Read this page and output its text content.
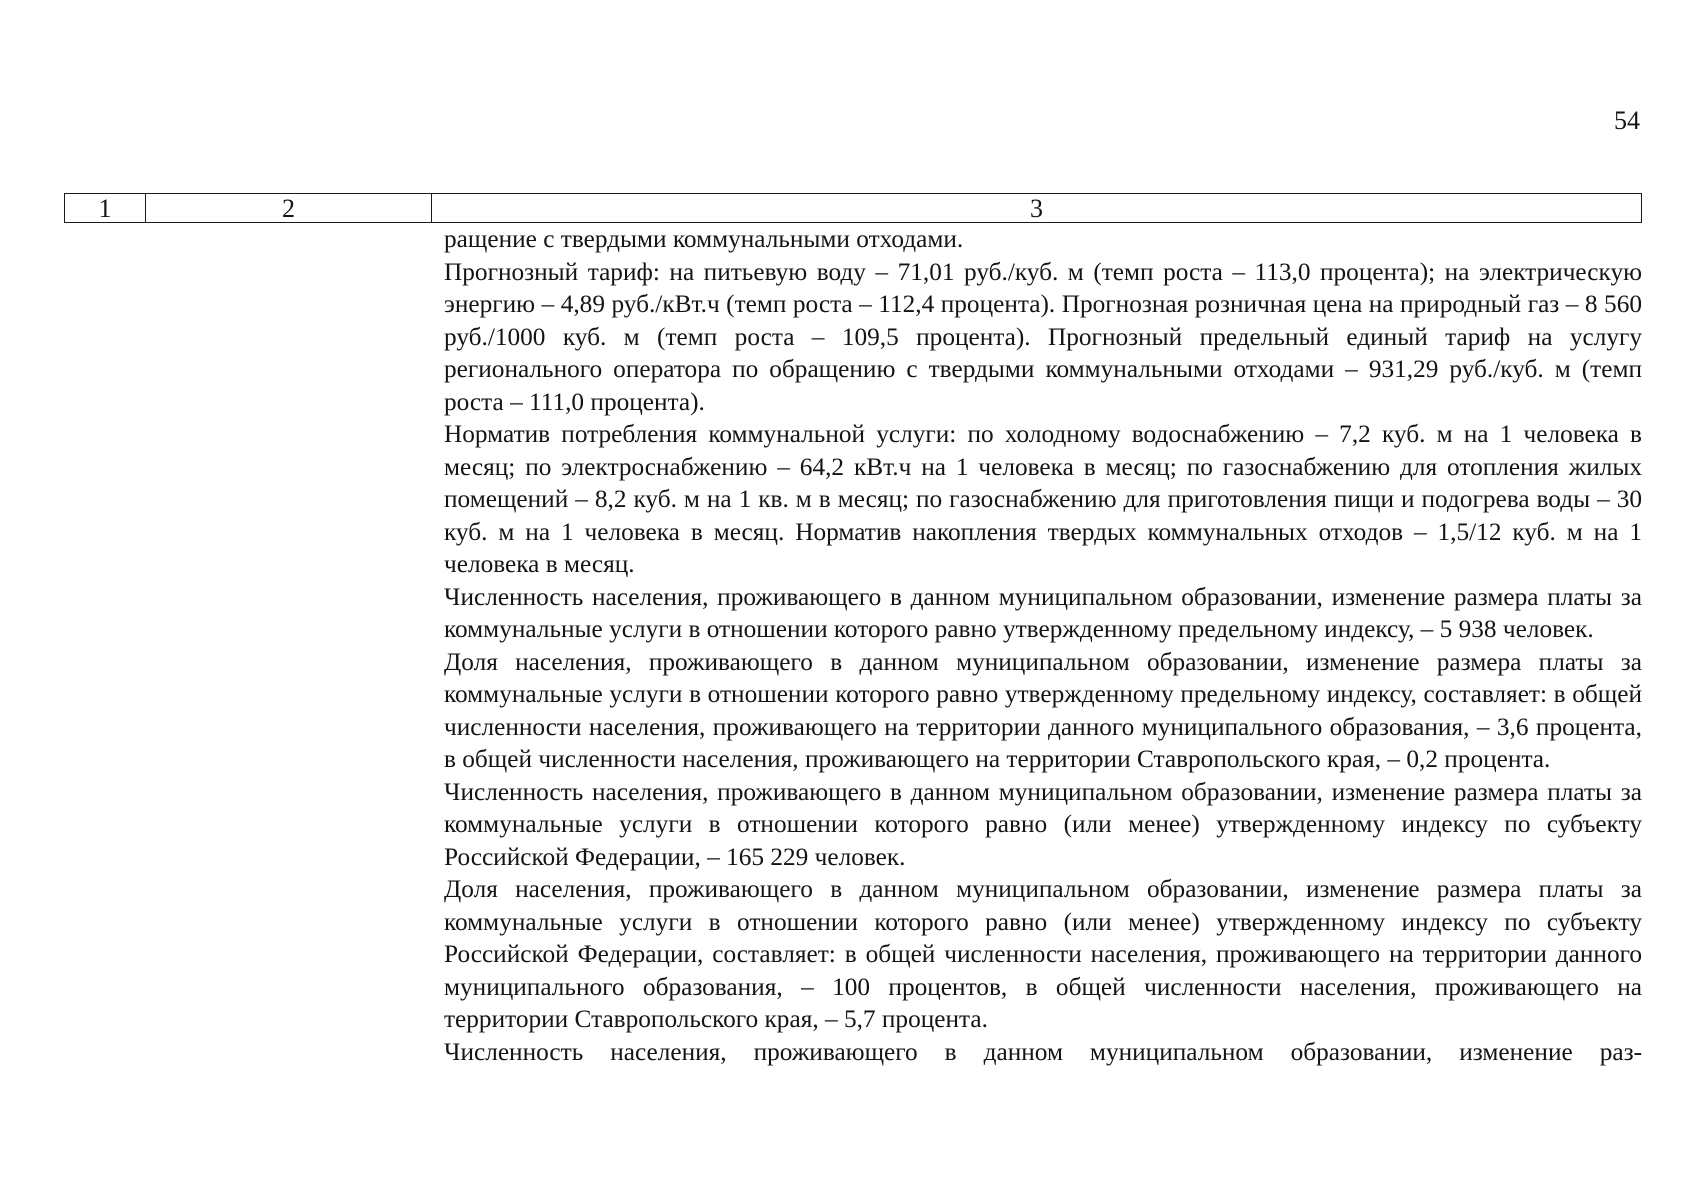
54
1	2	3

ращение с твердыми коммунальными отходами.

Прогнозный тариф: на питьевую воду – 71,01 руб./куб. м (темп роста – 113,0 процента); на электрическую энергию – 4,89 руб./кВт.ч (темп роста – 112,4 процента). Прогнозная розничная цена на природный газ – 8 560 руб./1000 куб. м (темп роста – 109,5 процента). Прогнозный предельный единый тариф на услугу регионального оператора по обращению с твердыми коммунальными отходами – 931,29 руб./куб. м (темп роста – 111,0 процента).

Норматив потребления коммунальной услуги: по холодному водоснабжению – 7,2 куб. м на 1 человека в месяц; по электроснабжению – 64,2 кВт.ч на 1 человека в месяц; по газоснабжению для отопления жилых помещений – 8,2 куб. м на 1 кв. м в месяц; по газоснабжению для приготовления пищи и подогрева воды – 30 куб. м на 1 человека в месяц. Норматив накопления твердых коммунальных отходов – 1,5/12 куб. м на 1 человека в месяц.

Численность населения, проживающего в данном муниципальном образовании, изменение размера платы за коммунальные услуги в отношении которого равно утвержденному предельному индексу, – 5 938 человек.

Доля населения, проживающего в данном муниципальном образовании, изменение размера платы за коммунальные услуги в отношении которого равно утвержденному предельному индексу, составляет: в общей численности населения, проживающего на территории данного муниципального образования, – 3,6 процента, в общей численности населения, проживающего на территории Ставропольского края, – 0,2 процента.

Численность населения, проживающего в данном муниципальном образовании, изменение размера платы за коммунальные услуги в отношении которого равно (или менее) утвержденному индексу по субъекту Российской Федерации, – 165 229 человек.

Доля населения, проживающего в данном муниципальном образовании, изменение размера платы за коммунальные услуги в отношении которого равно (или менее) утвержденному индексу по субъекту Российской Федерации, составляет: в общей численности населения, проживающего на территории данного муниципального образования, – 100 процентов, в общей численности населения, проживающего на территории Ставропольского края, – 5,7 процента.

Численность населения, проживающего в данном муниципальном образовании, изменение раз-
